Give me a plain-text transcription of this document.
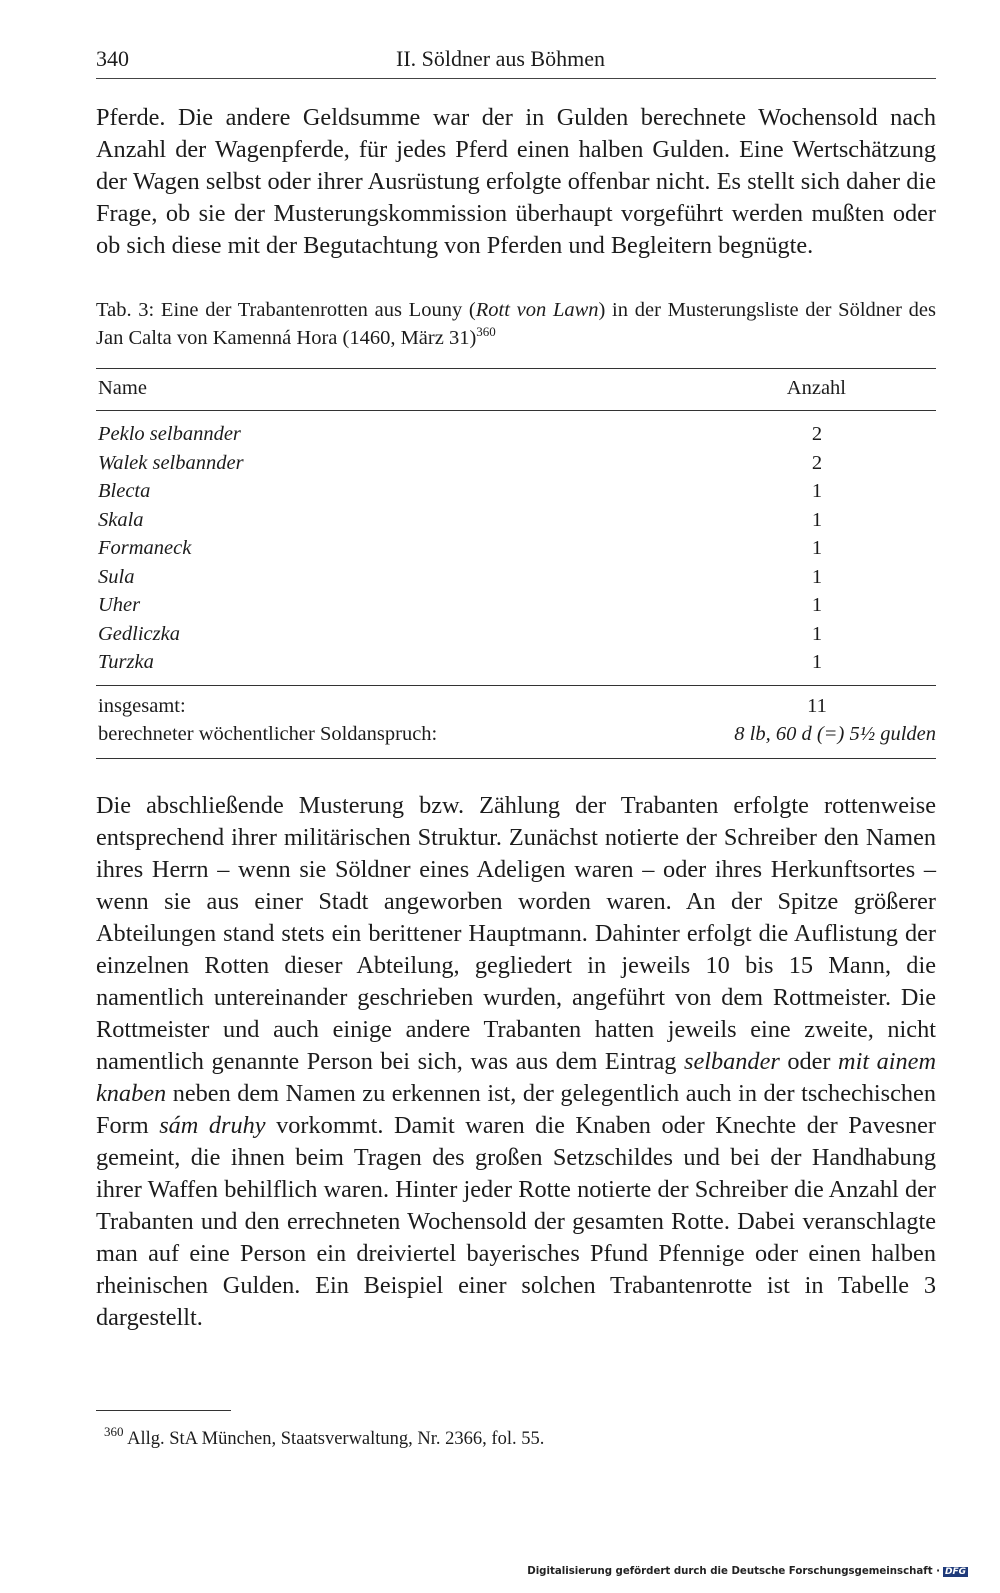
340	II. Söldner aus Böhmen

Pferde. Die andere Geldsumme war der in Gulden berechnete Wochensold nach Anzahl der Wagenpferde, für jedes Pferd einen halben Gulden. Eine Wertschätzung der Wagen selbst oder ihrer Ausrüstung erfolgte offenbar nicht. Es stellt sich daher die Frage, ob sie der Musterungskommission überhaupt vorgeführt werden mußten oder ob sich diese mit der Begutachtung von Pferden und Begleitern begnügte.

Tab. 3: Eine der Trabantenrotten aus Louny (Rott von Lawn) in der Musterungsliste der Söldner des Jan Calta von Kamenná Hora (1460, März 31)$^{360}$

Name	Anzahl
Peklo selbannder	2
Walek selbannder	2
Blecta	1
Skala	1
Formaneck	1
Sula	1
Uher	1
Gedliczka	1
Turzka	1
insgesamt:	11
berechneter wöchentlicher Soldanspruch:	8 lb, 60 d (=) 5½ gulden

Die abschließende Musterung bzw. Zählung der Trabanten erfolgte rottenweise entsprechend ihrer militärischen Struktur. Zunächst notierte der Schreiber den Namen ihres Herrn – wenn sie Söldner eines Adeligen waren – oder ihres Herkunftsortes – wenn sie aus einer Stadt angeworben worden waren. An der Spitze größerer Abteilungen stand stets ein berittener Hauptmann. Dahinter erfolgt die Auflistung der einzelnen Rotten dieser Abteilung, gegliedert in jeweils 10 bis 15 Mann, die namentlich untereinander geschrieben wurden, angeführt von dem Rottmeister. Die Rottmeister und auch einige andere Trabanten hatten jeweils eine zweite, nicht namentlich genannte Person bei sich, was aus dem Eintrag selbander oder mit ainem knaben neben dem Namen zu erkennen ist, der gelegentlich auch in der tschechischen Form sám druhy vorkommt. Damit waren die Knaben oder Knechte der Pavesner gemeint, die ihnen beim Tragen des großen Setzschildes und bei der Handhabung ihrer Waffen behilflich waren. Hinter jeder Rotte notierte der Schreiber die Anzahl der Trabanten und den errechneten Wochensold der gesamten Rotte. Dabei veranschlagte man auf eine Person ein dreiviertel bayerisches Pfund Pfennige oder einen halben rheinischen Gulden. Ein Beispiel einer solchen Trabantenrotte ist in Tabelle 3 dargestellt.

$^{360}$ Allg. StA München, Staatsverwaltung, Nr. 2366, fol. 55.
Digitalisierung gefördert durch die Deutsche Forschungsgemeinschaft · DFG
